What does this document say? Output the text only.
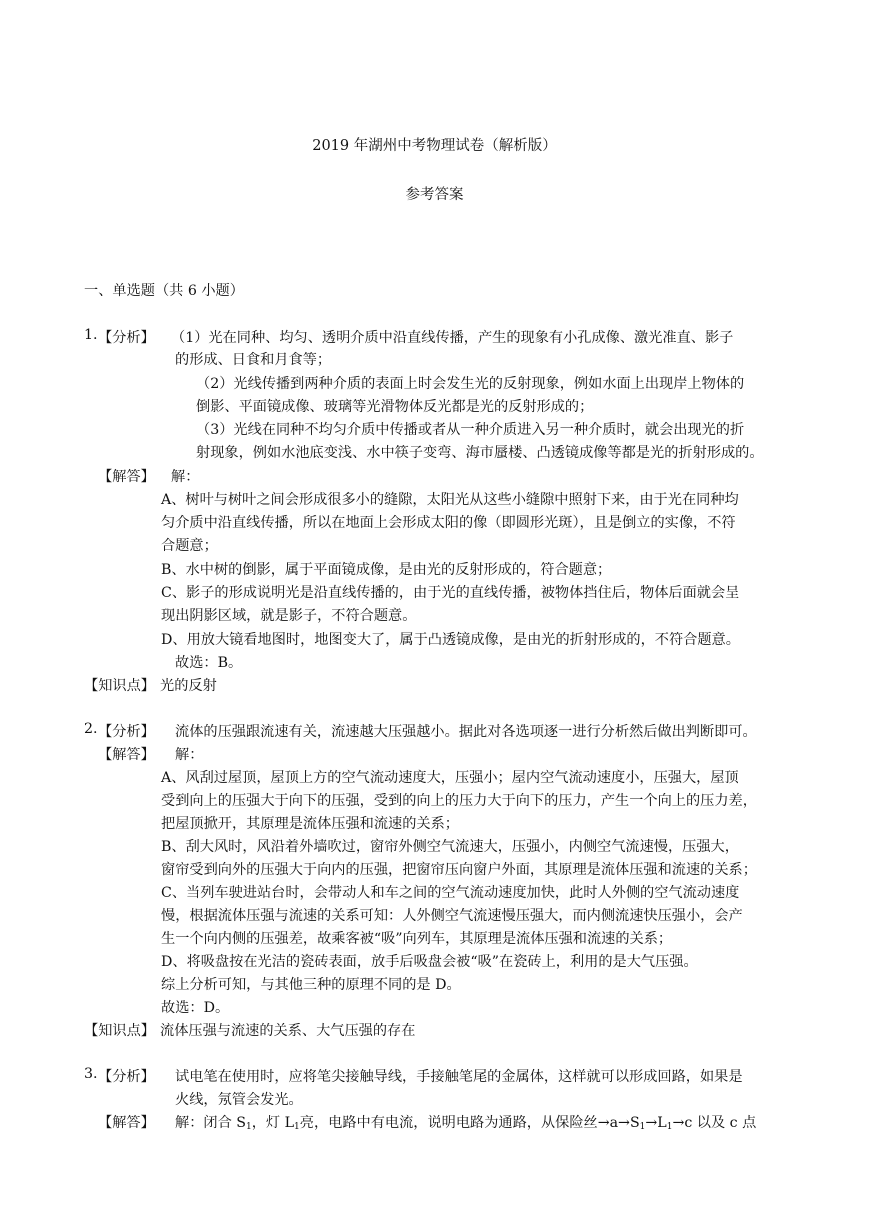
2019 年湖州中考物理试卷（解析版）
参考答案
一、单选题（共 6 小题）
1. 【分析】 （1）光在同种、均匀、透明介质中沿直线传播，产生的现象有小孔成像、激光准直、影子
的形成、日食和月食等；
（2）光线传播到两种介质的表面上时会发生光的反射现象，例如水面上出现岸上物体的
倒影、平面镜成像、玻璃等光滑物体反光都是光的反射形成的；
（3）光线在同种不均匀介质中传播或者从一种介质进入另一种介质时，就会出现光的折
射现象，例如水池底变浅、水中筷子变弯、海市蜃楼、凸透镜成像等都是光的折射形成的。
【解答】 解：
A、树叶与树叶之间会形成很多小的缝隙，太阳光从这些小缝隙中照射下来，由于光在同种均
匀介质中沿直线传播，所以在地面上会形成太阳的像（即圆形光斑），且是倒立的实像，不符
合题意；
B、水中树的倒影，属于平面镜成像，是由光的反射形成的，符合题意；
C、影子的形成说明光是沿直线传播的，由于光的直线传播，被物体挡住后，物体后面就会呈
现出阴影区域，就是影子，不符合题意。
D、用放大镜看地图时，地图变大了，属于凸透镜成像，是由光的折射形成的，不符合题意。
故选：B。
【知识点】 光的反射
2. 【分析】 流体的压强跟流速有关，流速越大压强越小。据此对各选项逐一进行分析然后做出判断即可。
【解答】 解：
A、风刮过屋顶，屋顶上方的空气流动速度大，压强小；屋内空气流动速度小，压强大，屋顶
受到向上的压强大于向下的压强，受到的向上的压力大于向下的压力，产生一个向上的压力差，
把屋顶掀开，其原理是流体压强和流速的关系；
B、刮大风时，风沿着外墙吹过，窗帘外侧空气流速大，压强小，内侧空气流速慢，压强大，
窗帘受到向外的压强大于向内的压强，把窗帘压向窗户外面，其原理是流体压强和流速的关系；
C、当列车驶进站台时，会带动人和车之间的空气流动速度加快，此时人外侧的空气流动速度
慢，根据流体压强与流速的关系可知：人外侧空气流速慢压强大，而内侧流速快压强小，会产
生一个向内侧的压强差，故乘客被“吸”向列车，其原理是流体压强和流速的关系；
D、将吸盘按在光洁的瓷砖表面，放手后吸盘会被“吸”在瓷砖上，利用的是大气压强。
综上分析可知，与其他三种的原理不同的是 D。
故选：D。
【知识点】 流体压强与流速的关系、大气压强的存在
3. 【分析】 试电笔在使用时，应将笔尖接触导线，手接触笔尾的金属体，这样就可以形成回路，如果是
火线，氖管会发光。
【解答】 解：闭合 $S_1$，灯 $L_1$亮，电路中有电流，说明电路为通路，从保险丝$\to a\to S_1\to L_1\to c$ 以及 c 点
